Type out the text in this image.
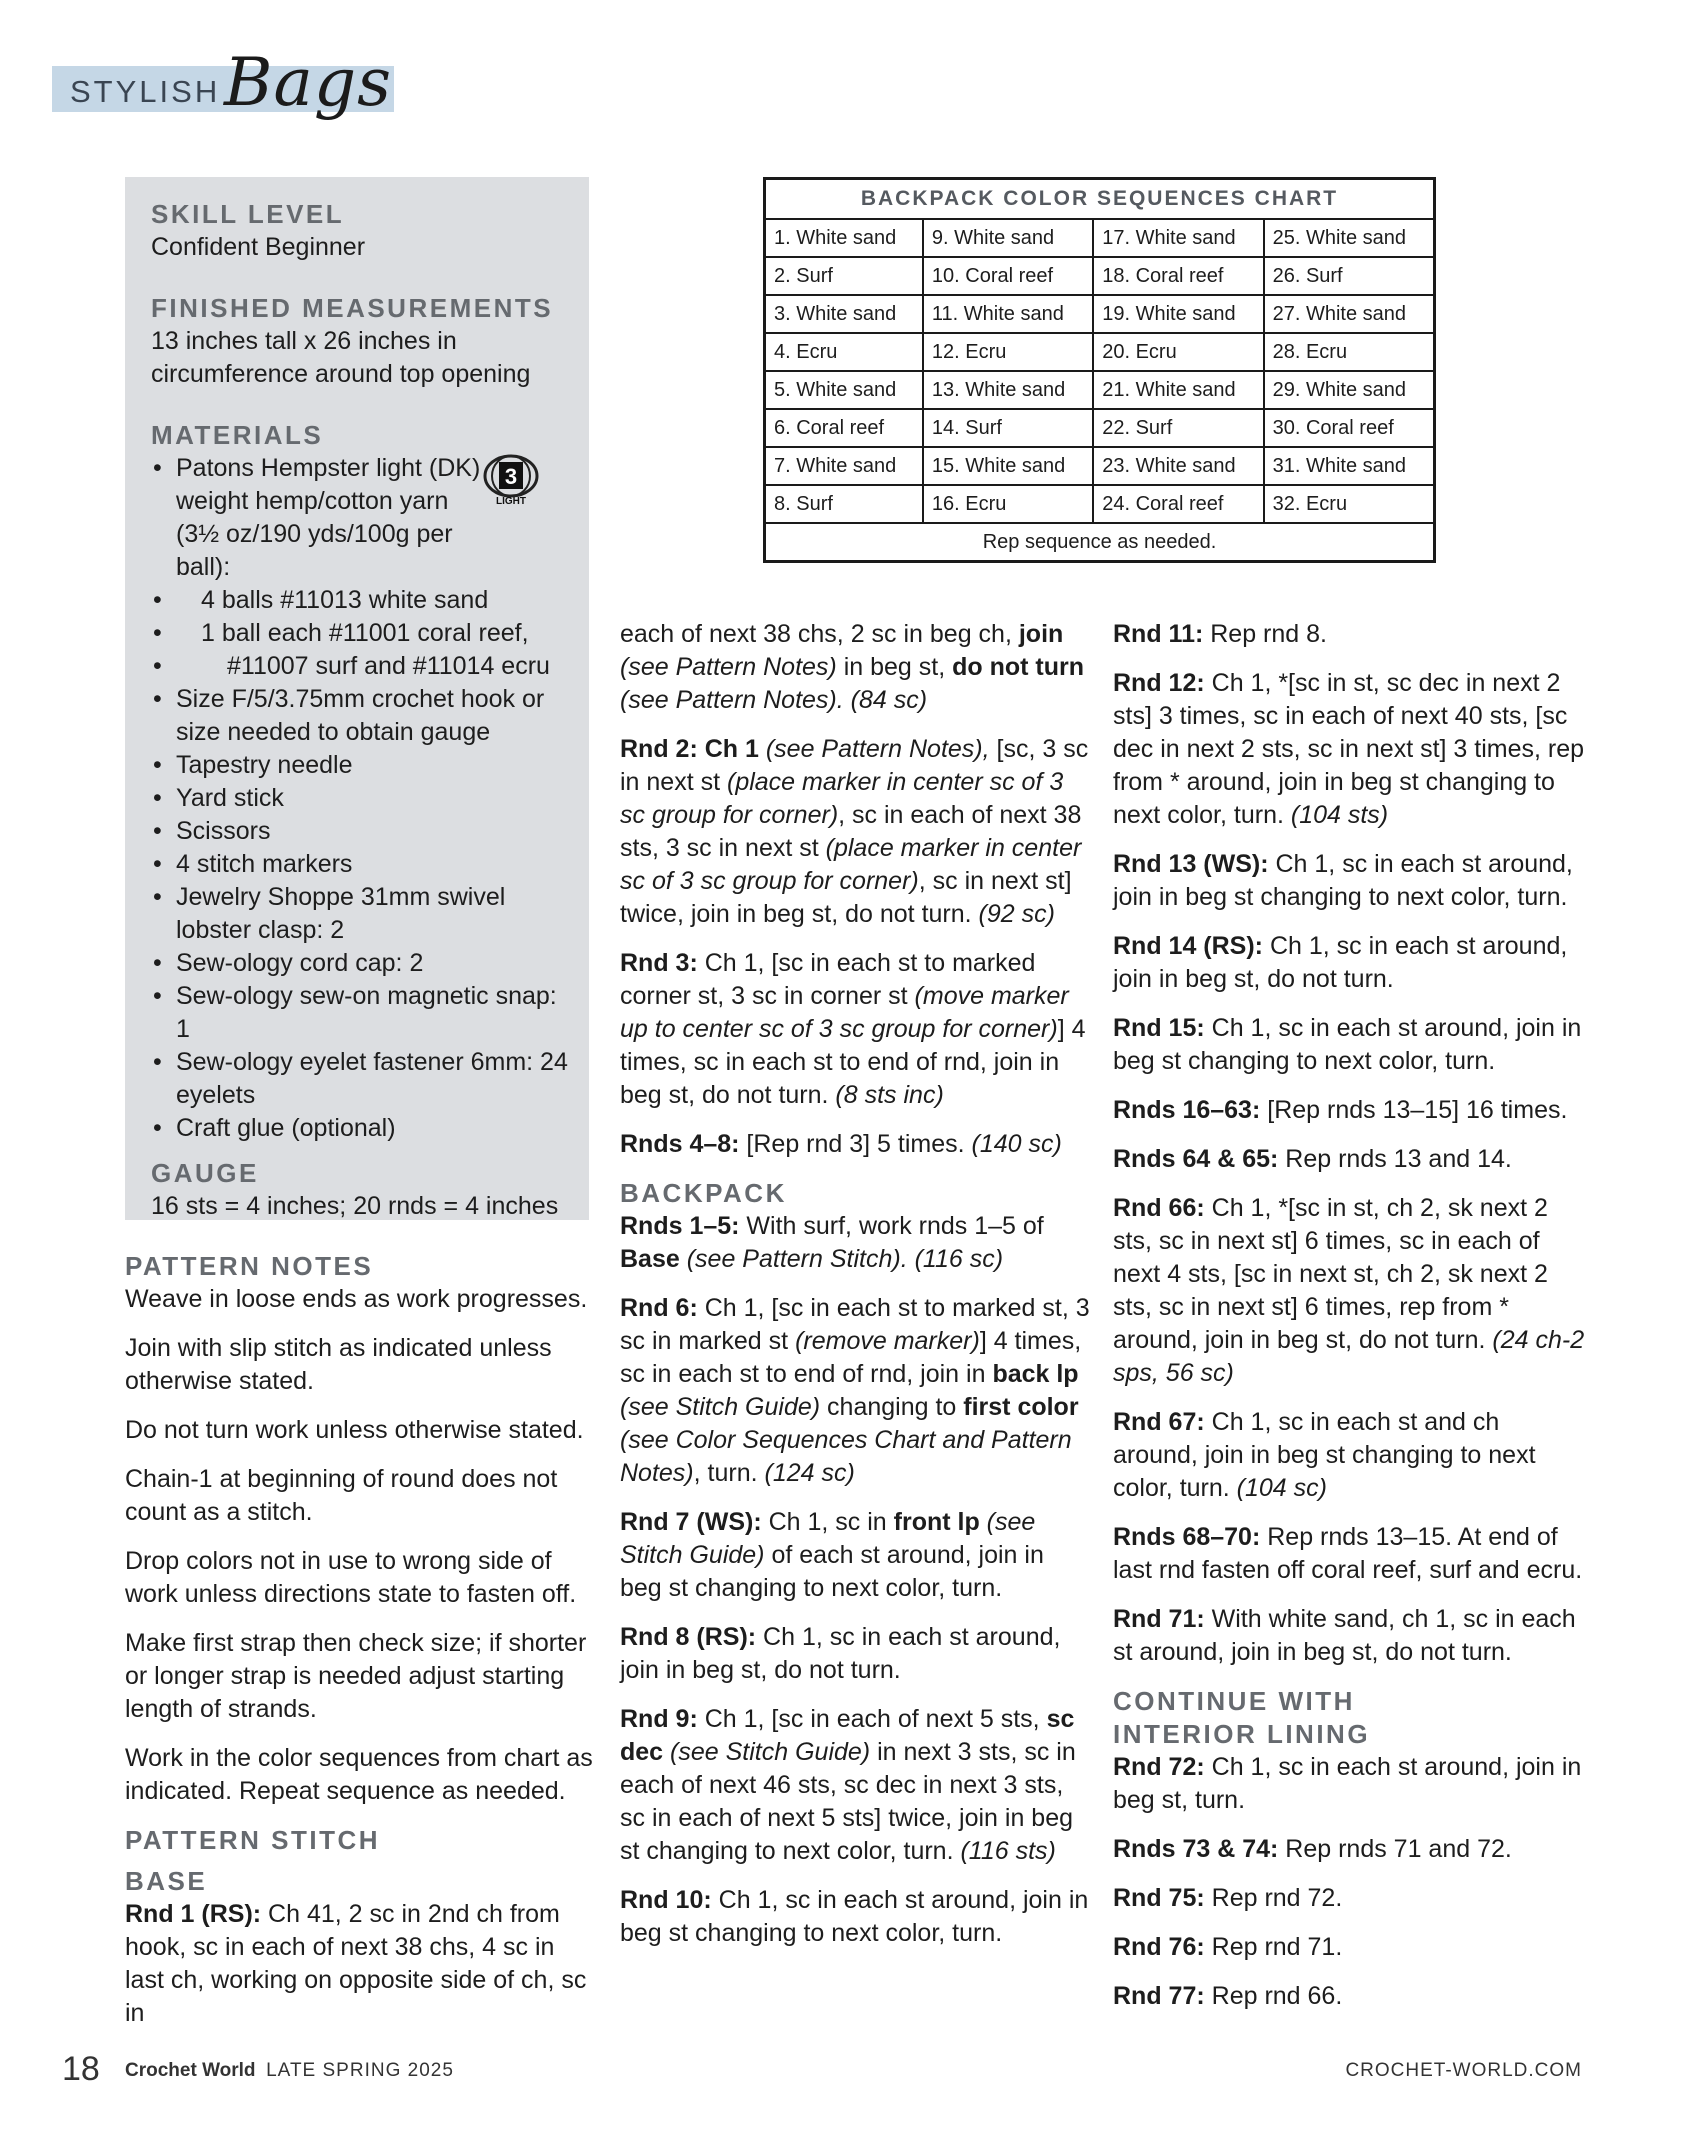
STYLISH Bags
SKILL LEVEL
Confident Beginner
FINISHED MEASUREMENTS
13 inches tall x 26 inches in circumference around top opening
MATERIALS
• Patons Hempster light (DK) weight hemp/cotton yarn (3½ oz/190 yds/100g per ball):
• 4 balls #11013 white sand
• 1 ball each #11001 coral reef,
• #11007 surf and #11014 ecru
• Size F/5/3.75mm crochet hook or size needed to obtain gauge
• Tapestry needle
• Yard stick
• Scissors
• 4 stitch markers
• Jewelry Shoppe 31mm swivel lobster clasp: 2
• Sew-ology cord cap: 2
• Sew-ology sew-on magnetic snap: 1
• Sew-ology eyelet fastener 6mm: 24 eyelets
• Craft glue (optional)
GAUGE
16 sts = 4 inches; 20 rnds = 4 inches
3
LIGHT
PATTERN NOTES

Weave in loose ends as work progresses.

Join with slip stitch as indicated unless otherwise stated.

Do not turn work unless otherwise stated.

Chain-1 at beginning of round does not count as a stitch.

Drop colors not in use to wrong side of work unless directions state to fasten off.

Make first strap then check size; if shorter or longer strap is needed adjust starting length of strands.

Work in the color sequences from chart as indicated. Repeat sequence as needed.

PATTERN STITCH
BASE

Rnd 1 (RS): Ch 41, 2 sc in 2nd ch from hook, sc in each of next 38 chs, 4 sc in last ch, working on opposite side of ch, sc in

BACKPACK COLOR SEQUENCES CHART			
1. White sand	9. White sand	17. White sand	25. White sand
2. Surf	10. Coral reef	18. Coral reef	26. Surf
3. White sand	11. White sand	19. White sand	27. White sand
4. Ecru	12. Ecru	20. Ecru	28. Ecru
5. White sand	13. White sand	21. White sand	29. White sand
6. Coral reef	14. Surf	22. Surf	30. Coral reef
7. White sand	15. White sand	23. White sand	31. White sand
8. Surf	16. Ecru	24. Coral reef	32. Ecru
Rep sequence as needed.			

each of next 38 chs, 2 sc in beg ch, join (see Pattern Notes) in beg st, do not turn (see Pattern Notes). (84 sc)

Rnd 2: Ch 1 (see Pattern Notes), [sc, 3 sc in next st (place marker in center sc of 3 sc group for corner), sc in each of next 38 sts, 3 sc in next st (place marker in center sc of 3 sc group for corner), sc in next st] twice, join in beg st, do not turn. (92 sc)

Rnd 3: Ch 1, [sc in each st to marked corner st, 3 sc in corner st (move marker up to center sc of 3 sc group for corner)] 4 times, sc in each st to end of rnd, join in beg st, do not turn. (8 sts inc)

Rnds 4–8: [Rep rnd 3] 5 times. (140 sc)

BACKPACK

Rnds 1–5: With surf, work rnds 1–5 of Base (see Pattern Stitch). (116 sc)

Rnd 6: Ch 1, [sc in each st to marked st, 3 sc in marked st (remove marker)] 4 times, sc in each st to end of rnd, join in back lp (see Stitch Guide) changing to first color (see Color Sequences Chart and Pattern Notes), turn. (124 sc)

Rnd 7 (WS): Ch 1, sc in front lp (see Stitch Guide) of each st around, join in beg st changing to next color, turn.

Rnd 8 (RS): Ch 1, sc in each st around, join in beg st, do not turn.

Rnd 9: Ch 1, [sc in each of next 5 sts, sc dec (see Stitch Guide) in next 3 sts, sc in each of next 46 sts, sc dec in next 3 sts, sc in each of next 5 sts] twice, join in beg st changing to next color, turn. (116 sts)

Rnd 10: Ch 1, sc in each st around, join in beg st changing to next color, turn.

Rnd 11: Rep rnd 8.

Rnd 12: Ch 1, *[sc in st, sc dec in next 2 sts] 3 times, sc in each of next 40 sts, [sc dec in next 2 sts, sc in next st] 3 times, rep from * around, join in beg st changing to next color, turn. (104 sts)

Rnd 13 (WS): Ch 1, sc in each st around, join in beg st changing to next color, turn.

Rnd 14 (RS): Ch 1, sc in each st around, join in beg st, do not turn.

Rnd 15: Ch 1, sc in each st around, join in beg st changing to next color, turn.

Rnds 16–63: [Rep rnds 13–15] 16 times.

Rnds 64 & 65: Rep rnds 13 and 14.

Rnd 66: Ch 1, *[sc in st, ch 2, sk next 2 sts, sc in next st] 6 times, sc in each of next 4 sts, [sc in next st, ch 2, sk next 2 sts, sc in next st] 6 times, rep from * around, join in beg st, do not turn. (24 ch-2 sps, 56 sc)

Rnd 67: Ch 1, sc in each st and ch around, join in beg st changing to next color, turn. (104 sc)

Rnds 68–70: Rep rnds 13–15. At end of last rnd fasten off coral reef, surf and ecru.

Rnd 71: With white sand, ch 1, sc in each st around, join in beg st, do not turn.

CONTINUE WITH
INTERIOR LINING

Rnd 72: Ch 1, sc in each st around, join in beg st, turn.

Rnds 73 & 74: Rep rnds 71 and 72.

Rnd 75: Rep rnd 72.

Rnd 76: Rep rnd 71.

Rnd 77: Rep rnd 66.

18 Crochet World LATE SPRING 2025	CROCHET-WORLD.COM
